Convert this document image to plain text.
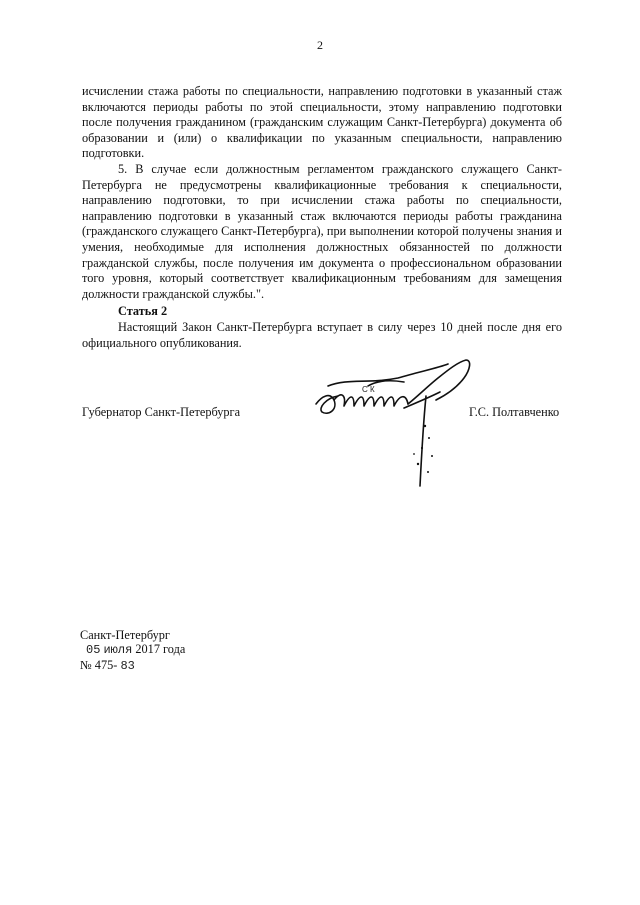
2

исчислении стажа работы по специальности, направлению подготовки в указанный стаж включаются периоды работы по этой специальности, этому направлению подготовки после получения гражданином (гражданским служащим Санкт-Петербурга) документа об образовании и (или) о квалификации по указанным специальности, направлению подготовки.

5. В случае если должностным регламентом гражданского служащего Санкт-Петербурга не предусмотрены квалификационные требования к специальности, направлению подготовки, то при исчислении стажа работы по специальности, направлению подготовки в указанный стаж включаются периоды работы гражданина (гражданского служащего Санкт-Петербурга), при выполнении которой получены знания и умения, необходимые для исполнения должностных обязанностей по должности гражданской службы, после получения им документа о профессиональном образовании того уровня, который соответствует квалификационным требованиям для замещения должности гражданской службы.".

Статья 2
Настоящий Закон Санкт-Петербурга вступает в силу через 10 дней после дня его официального опубликования.
Губернатор Санкт-Петербурга
С К
Г.С. Полтавченко
Санкт-Петербург
05 июля 2017 года
№ 475- 83
